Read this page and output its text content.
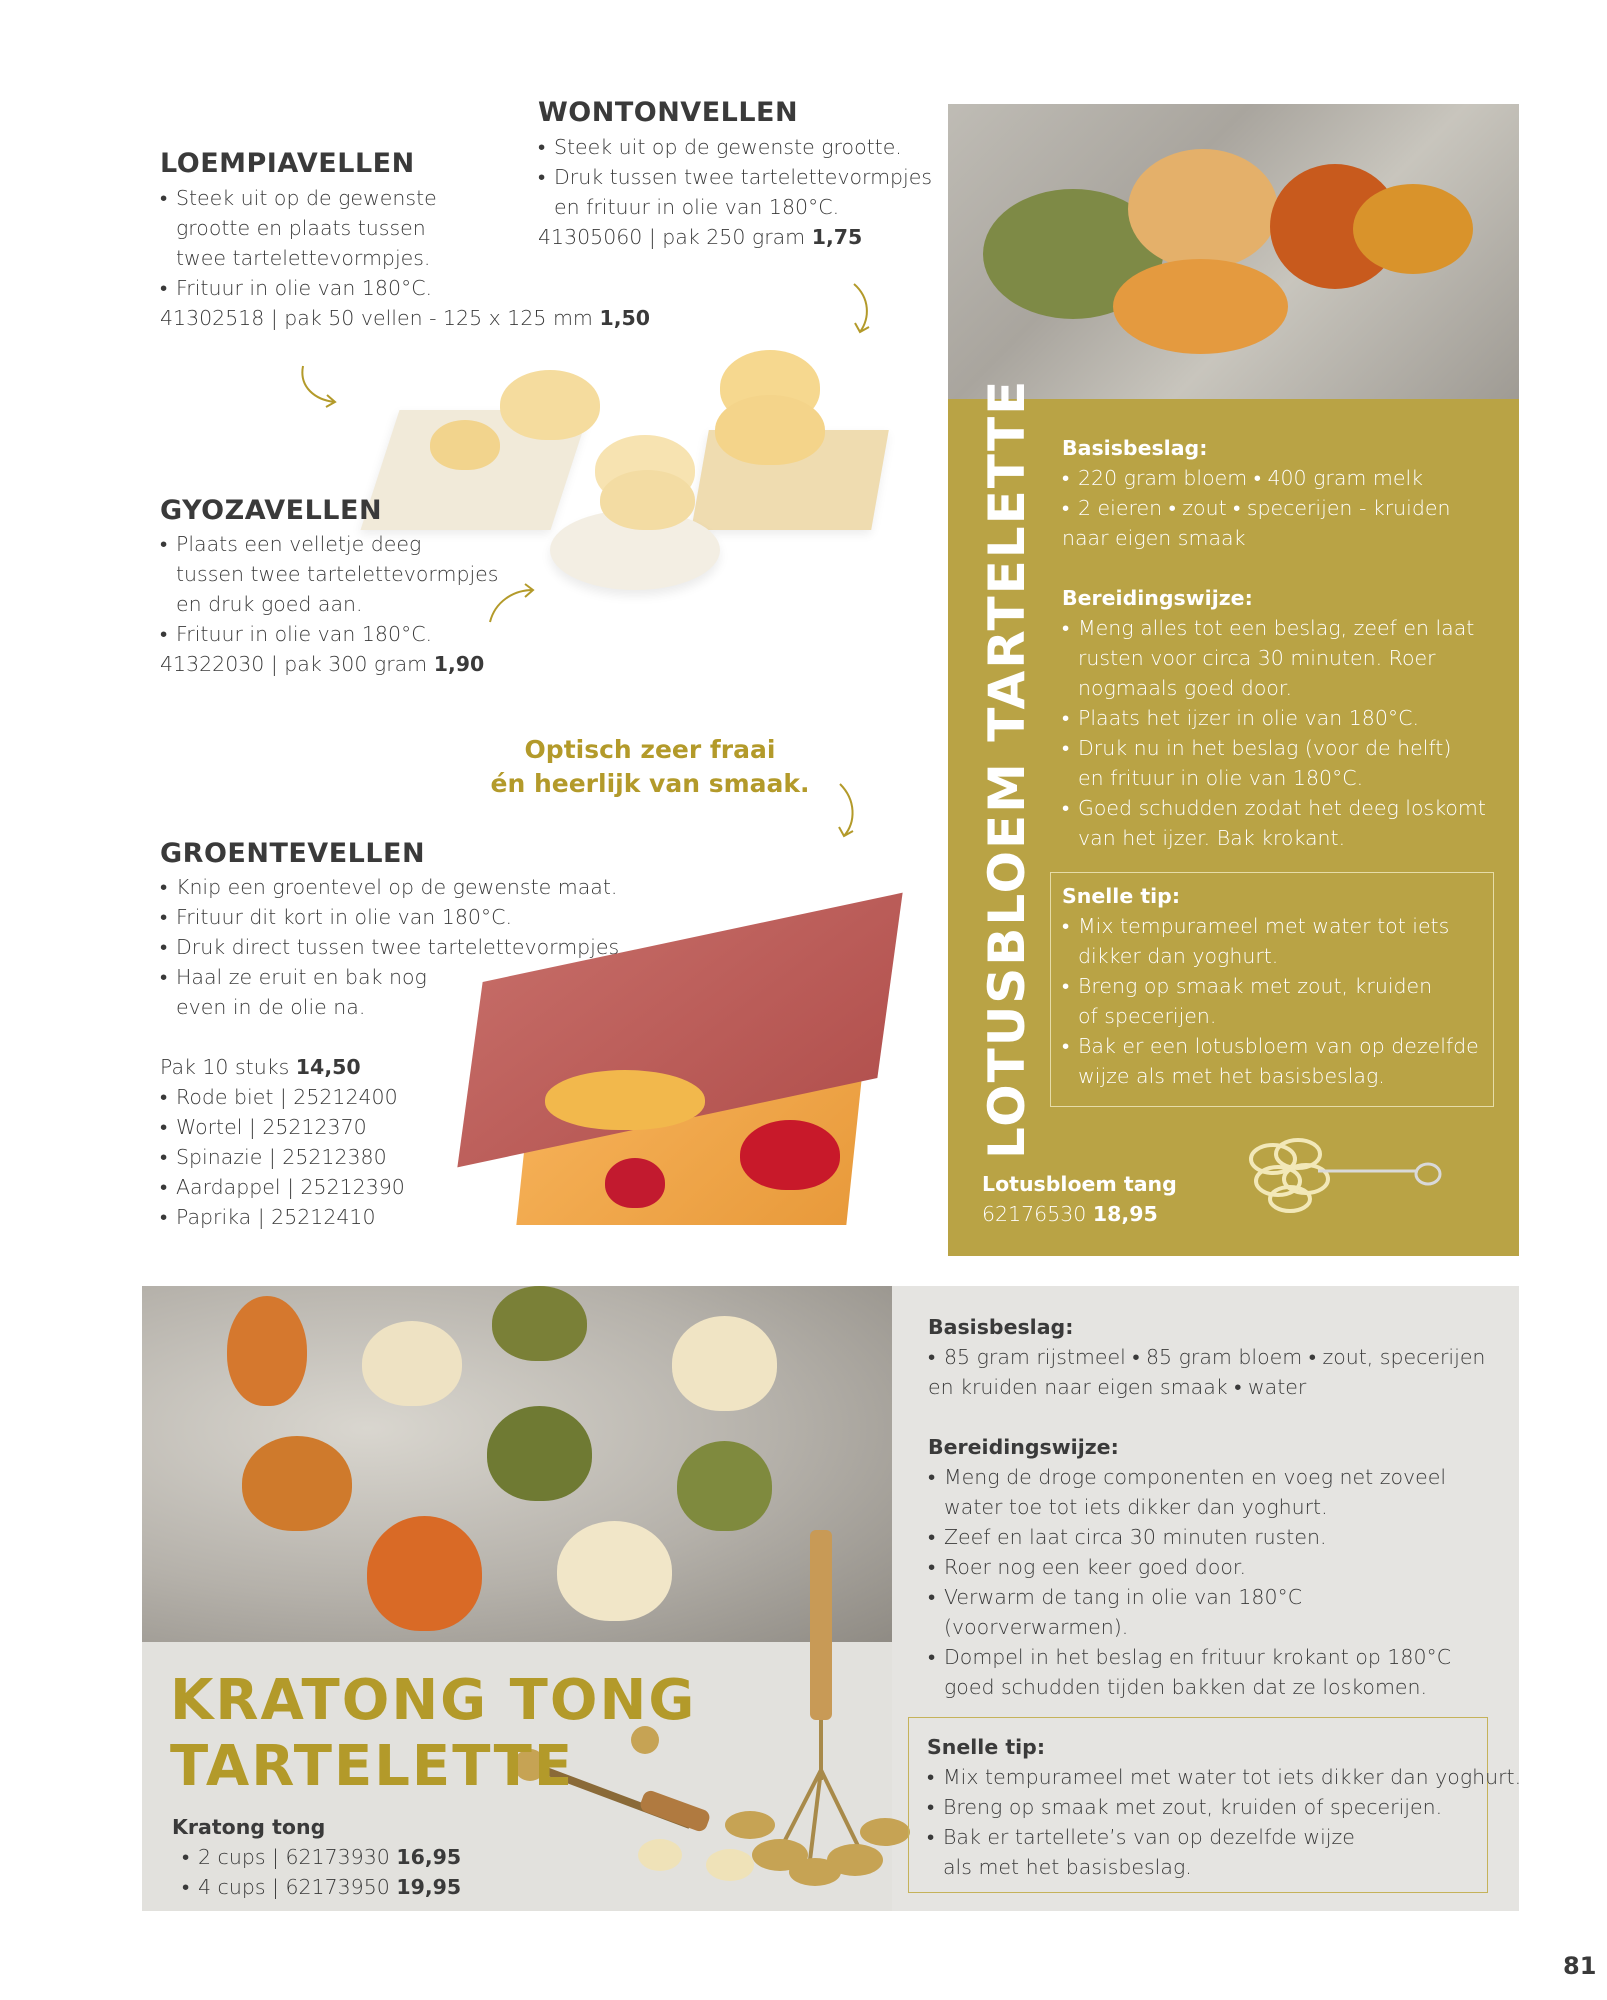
LOEMPIAVELLEN

• Steek uit op de gewenste

grootte en plaats tussen

twee tartelettevormpjes.

• Frituur in olie van 180°C.

41302518 | pak 50 vellen - 125 x 125 mm 1,50

WONTONVELLEN

• Steek uit op de gewenste grootte.

• Druk tussen twee tartelettevormpjes

en frituur in olie van 180°C.

41305060 | pak 250 gram 1,75

GYOZAVELLEN

• Plaats een velletje deeg

tussen twee tartelettevormpjes

en druk goed aan.

• Frituur in olie van 180°C.

41322030 | pak 300 gram 1,90

Optisch zeer fraai

én heerlijk van smaak.

GROENTEVELLEN

• Knip een groentevel op de gewenste maat.

• Frituur dit kort in olie van 180°C.

• Druk direct tussen twee tartelettevormpjes.

• Haal ze eruit en bak nog

even in de olie na.

Pak 10 stuks 14,50

• Rode biet | 25212400

• Wortel | 25212370

• Spinazie | 25212380

• Aardappel | 25212390

• Paprika | 25212410

LOTUSBLOEM TARTELETTE Basisbeslag:

• 220 gram bloem • 400 gram melk

• 2 eieren • zout • specerijen - kruiden

naar eigen smaak

Bereidingswijze:

• Meng alles tot een beslag, zeef en laat

rusten voor circa 30 minuten. Roer

nogmaals goed door.

• Plaats het ijzer in olie van 180°C.

• Druk nu in het beslag (voor de helft)

en frituur in olie van 180°C.

• Goed schudden zodat het deeg loskomt

van het ijzer. Bak krokant.

Snelle tip:

• Mix tempurameel met water tot iets

dikker dan yoghurt.

• Breng op smaak met zout, kruiden

of specerijen.

• Bak er een lotusbloem van op dezelfde

wijze als met het basisbeslag.

Lotusbloem tang

62176530 18,95

KRATONG TONG

TARTELETTE

Kratong tong

• 2 cups | 62173930 16,95

• 4 cups | 62173950 19,95

Basisbeslag:

• 85 gram rijstmeel • 85 gram bloem • zout, specerijen

en kruiden naar eigen smaak • water

Bereidingswijze:

• Meng de droge componenten en voeg net zoveel

water toe tot iets dikker dan yoghurt.

• Zeef en laat circa 30 minuten rusten.

• Roer nog een keer goed door.

• Verwarm de tang in olie van 180°C

(voorverwarmen).

• Dompel in het beslag en frituur krokant op 180°C

goed schudden tijden bakken dat ze loskomen.

Snelle tip:

• Mix tempurameel met water tot iets dikker dan yoghurt.

• Breng op smaak met zout, kruiden of specerijen.

• Bak er tartellete’s van op dezelfde wijze

als met het basisbeslag.

81
